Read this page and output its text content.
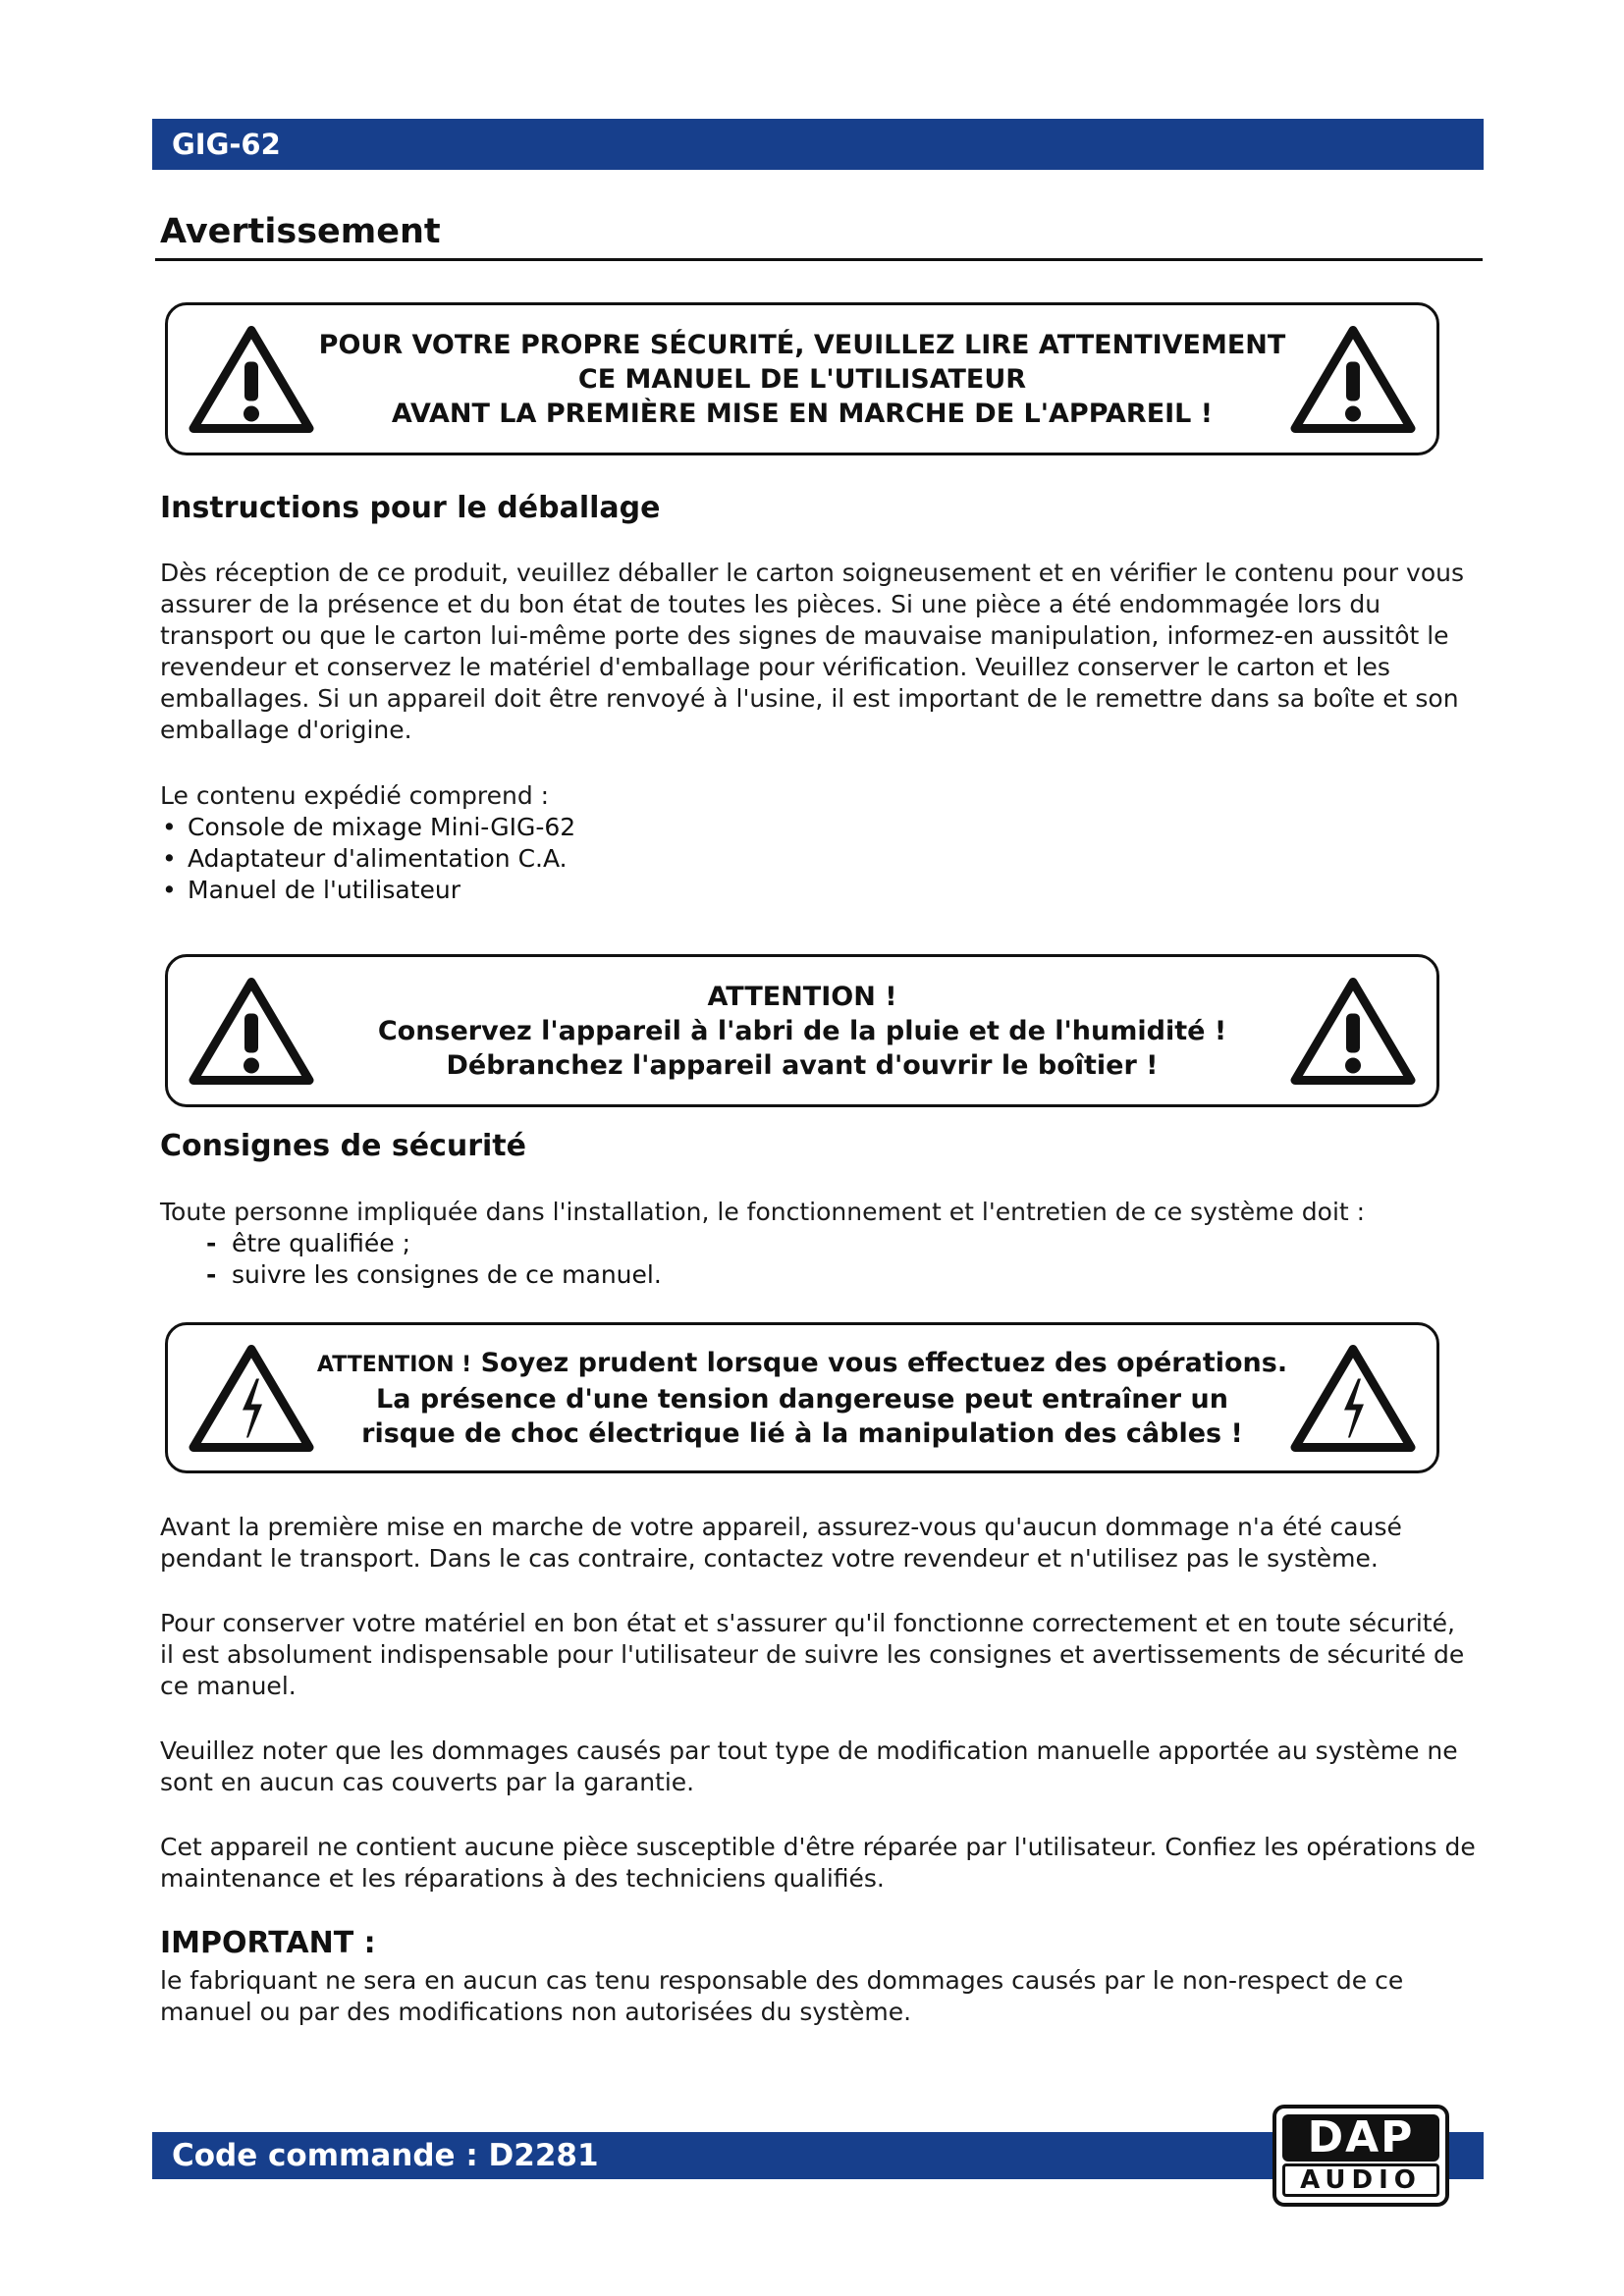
GIG-62
Avertissement
POUR VOTRE PROPRE SÉCURITÉ, VEUILLEZ LIRE ATTENTIVEMENT
CE MANUEL DE L'UTILISATEUR
AVANT LA PREMIÈRE MISE EN MARCHE DE L'APPAREIL !
Instructions pour le déballage

Dès réception de ce produit, veuillez déballer le carton soigneusement et en vérifier le contenu pour vous assurer de la présence et du bon état de toutes les pièces. Si une pièce a été endommagée lors du transport ou que le carton lui-même porte des signes de mauvaise manipulation, informez-en aussitôt le revendeur et conservez le matériel d'emballage pour vérification. Veuillez conserver le carton et les emballages. Si un appareil doit être renvoyé à l'usine, il est important de le remettre dans sa boîte et son emballage d'origine.

Le contenu expédié comprend :

• Console de mixage Mini-GIG-62
• Adaptateur d'alimentation C.A.
• Manuel de l'utilisateur
ATTENTION !
Conservez l'appareil à l'abri de la pluie et de l'humidité !
Débranchez l'appareil avant d'ouvrir le boîtier !
Consignes de sécurité

Toute personne impliquée dans l'installation, le fonctionnement et l'entretien de ce système doit :

- être qualifiée ;
- suivre les consignes de ce manuel.
ATTENTION ! Soyez prudent lorsque vous effectuez des opérations.
La présence d'une tension dangereuse peut entraîner un
risque de choc électrique lié à la manipulation des câbles !

Avant la première mise en marche de votre appareil, assurez-vous qu'aucun dommage n'a été causé pendant le transport. Dans le cas contraire, contactez votre revendeur et n'utilisez pas le système.

Pour conserver votre matériel en bon état et s'assurer qu'il fonctionne correctement et en toute sécurité, il est absolument indispensable pour l'utilisateur de suivre les consignes et avertissements de sécurité de ce manuel.

Veuillez noter que les dommages causés par tout type de modification manuelle apportée au système ne sont en aucun cas couverts par la garantie.

Cet appareil ne contient aucune pièce susceptible d'être réparée par l'utilisateur. Confiez les opérations de maintenance et les réparations à des techniciens qualifiés.

IMPORTANT :

le fabriquant ne sera en aucun cas tenu responsable des dommages causés par le non-respect de ce manuel ou par des modifications non autorisées du système.

Code commande : D2281	DAP
AUDIO
